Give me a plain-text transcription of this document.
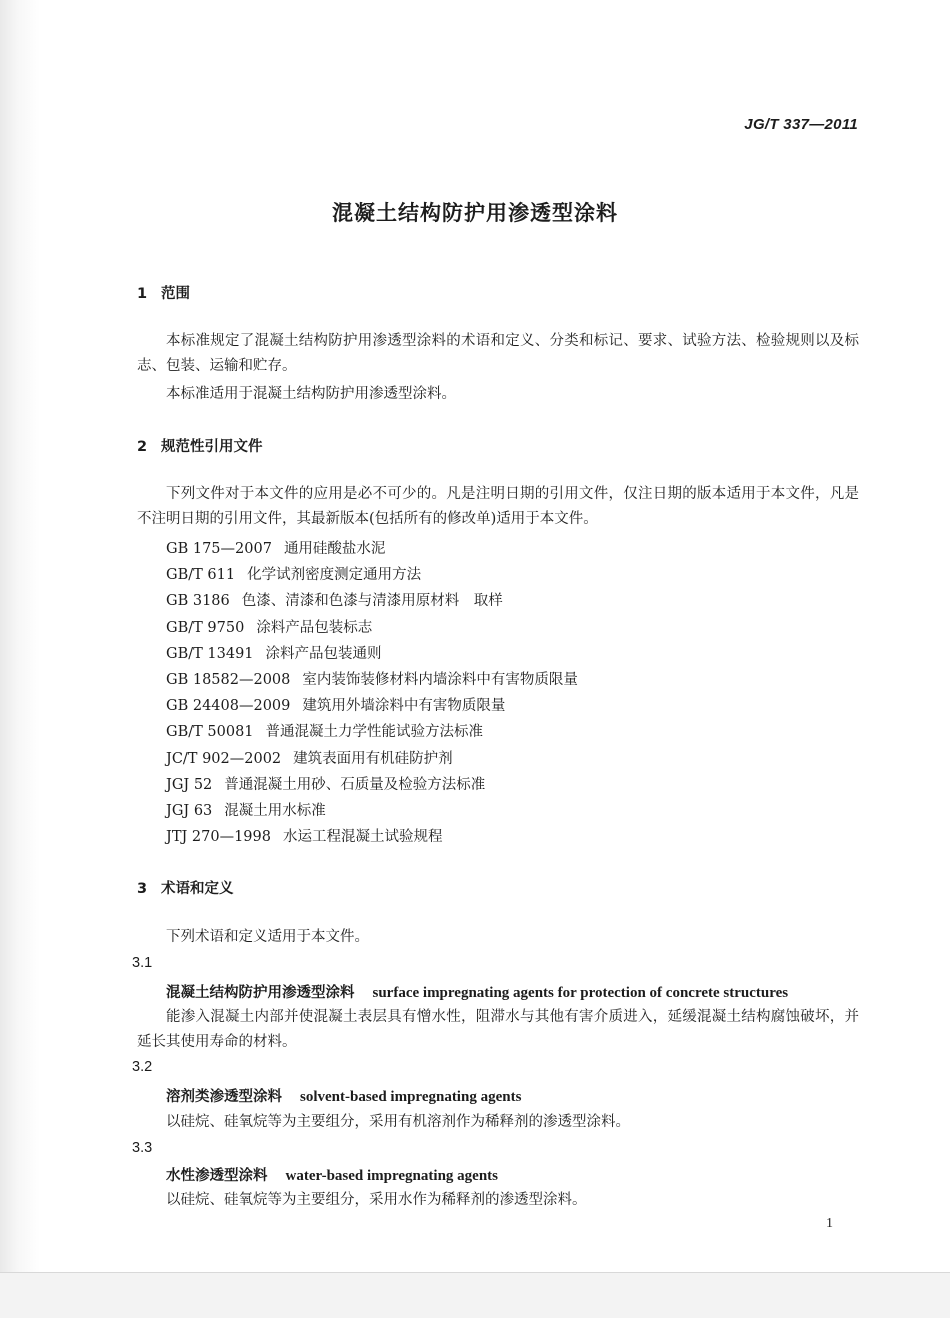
JG/T 337—2011
混凝土结构防护用渗透型涂料
1 范围
本标准规定了混凝土结构防护用渗透型涂料的术语和定义、分类和标记、要求、试验方法、检验规则以及标志、包装、运输和贮存。
本标准适用于混凝土结构防护用渗透型涂料。
2 规范性引用文件
下列文件对于本文件的应用是必不可少的。凡是注明日期的引用文件，仅注日期的版本适用于本文件，凡是不注明日期的引用文件，其最新版本(包括所有的修改单)适用于本文件。
GB 175—2007 通用硅酸盐水泥
GB/T 611 化学试剂密度测定通用方法
GB 3186 色漆、清漆和色漆与清漆用原材料　取样
GB/T 9750 涂料产品包装标志
GB/T 13491 涂料产品包装通则
GB 18582—2008 室内装饰装修材料内墙涂料中有害物质限量
GB 24408—2009 建筑用外墙涂料中有害物质限量
GB/T 50081 普通混凝土力学性能试验方法标准
JC/T 902—2002 建筑表面用有机硅防护剂
JGJ 52 普通混凝土用砂、石质量及检验方法标准
JGJ 63 混凝土用水标准
JTJ 270—1998 水运工程混凝土试验规程
3 术语和定义
下列术语和定义适用于本文件。
3.1
混凝土结构防护用渗透型涂料 surface impregnating agents for protection of concrete structures
能渗入混凝土内部并使混凝土表层具有憎水性，阻滞水与其他有害介质进入，延缓混凝土结构腐蚀破坏，并延长其使用寿命的材料。
3.2
溶剂类渗透型涂料 solvent-based impregnating agents
以硅烷、硅氧烷等为主要组分，采用有机溶剂作为稀释剂的渗透型涂料。
3.3
水性渗透型涂料 water-based impregnating agents
以硅烷、硅氧烷等为主要组分，采用水作为稀释剂的渗透型涂料。
1
